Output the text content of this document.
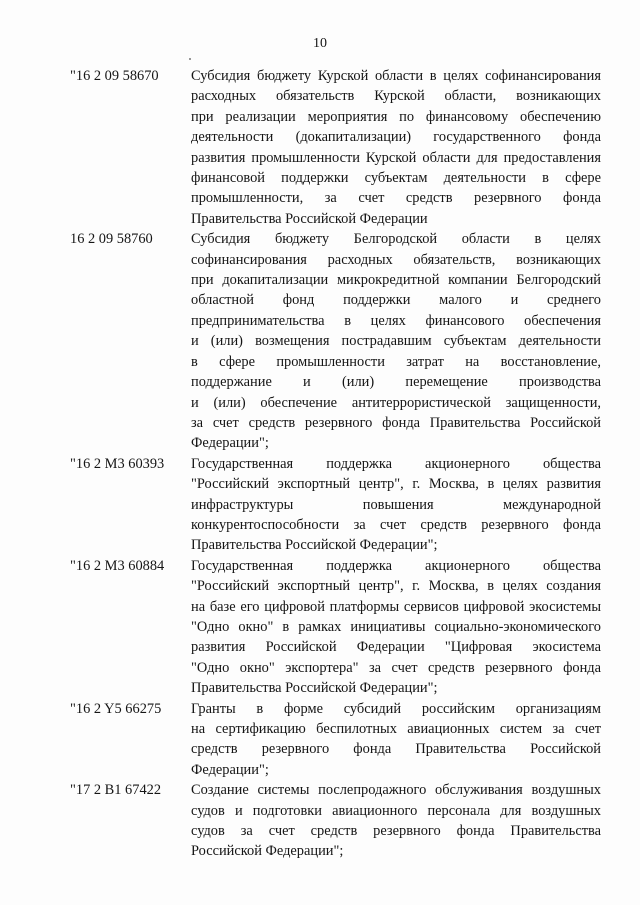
10
"16 2 09 58670	Субсидия бюджету Курской области в целях софинансирования
расходных обязательств Курской области, возникающих
при реализации мероприятия по финансовому обеспечению
деятельности (докапитализации) государственного фонда
развития промышленности Курской области для предоставления
финансовой поддержки субъектам деятельности в сфере
промышленности, за счет средств резервного фонда
Правительства Российской Федерации
16 2 09 58760	Субсидия бюджету Белгородской области в целях
софинансирования расходных обязательств, возникающих
при докапитализации микрокредитной компании Белгородский
областной фонд поддержки малого и среднего
предпринимательства в целях финансового обеспечения
и (или) возмещения пострадавшим субъектам деятельности
в сфере промышленности затрат на восстановление,
поддержание и (или) перемещение производства
и (или) обеспечение антитеррористической защищенности,
за счет средств резервного фонда Правительства Российской
Федерации";
"16 2 М3 60393	Государственная поддержка акционерного общества
"Российский экспортный центр", г. Москва, в целях развития
инфраструктуры повышения международной
конкурентоспособности за счет средств резервного фонда
Правительства Российской Федерации";
"16 2 М3 60884	Государственная поддержка акционерного общества
"Российский экспортный центр", г. Москва, в целях создания
на базе его цифровой платформы сервисов цифровой экосистемы
"Одно окно" в рамках инициативы социально-экономического
развития Российской Федерации "Цифровая экосистема
"Одно окно" экспортера" за счет средств резервного фонда
Правительства Российской Федерации";
"16 2 Y5 66275	Гранты в форме субсидий российским организациям
на сертификацию беспилотных авиационных систем за счет
средств резервного фонда Правительства Российской
Федерации";
"17 2 В1 67422	Создание системы послепродажного обслуживания воздушных
судов и подготовки авиационного персонала для воздушных
судов за счет средств резервного фонда Правительства
Российской Федерации";
